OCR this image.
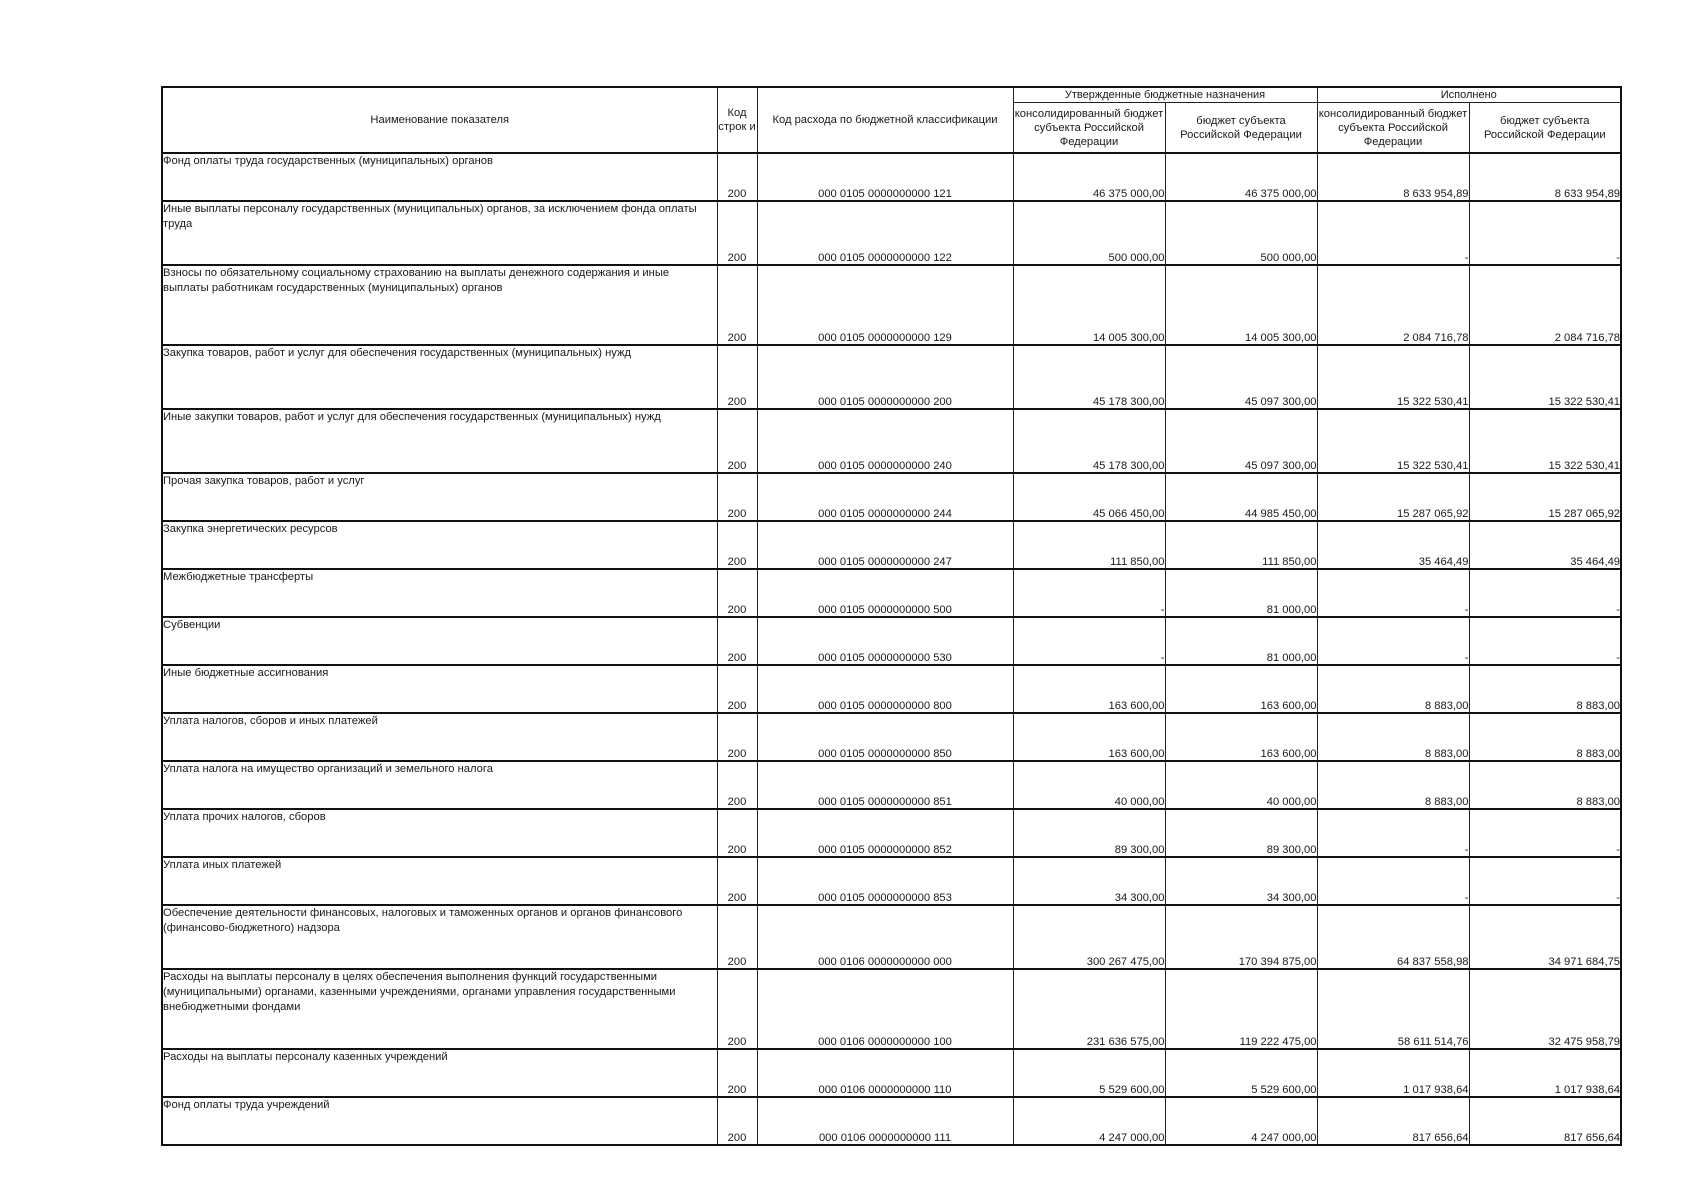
Наименование показателя	Код строк и	Код расхода по бюджетной классификации	Утвержденные бюджетные назначения		Исполнено	
			консолидированный бюджет субъекта Российской Федерации	бюджет субъекта Российской Федерации	консолидированный бюджет субъекта Российской Федерации	бюджет субъекта Российской Федерации
Фонд оплаты труда государственных (муниципальных) органов	200	000 0105 0000000000 121	46 375 000,00	46 375 000,00	8 633 954,89	8 633 954,89
Иные выплаты персоналу государственных (муниципальных) органов, за исключением фонда оплаты труда	200	000 0105 0000000000 122	500 000,00	500 000,00	-	-
Взносы по обязательному социальному страхованию на выплаты денежного содержания и иные выплаты работникам государственных (муниципальных) органов	200	000 0105 0000000000 129	14 005 300,00	14 005 300,00	2 084 716,78	2 084 716,78
Закупка товаров, работ и услуг для обеспечения государственных (муниципальных) нужд	200	000 0105 0000000000 200	45 178 300,00	45 097 300,00	15 322 530,41	15 322 530,41
Иные закупки товаров, работ и услуг для обеспечения государственных (муниципальных) нужд	200	000 0105 0000000000 240	45 178 300,00	45 097 300,00	15 322 530,41	15 322 530,41
Прочая закупка товаров, работ и услуг	200	000 0105 0000000000 244	45 066 450,00	44 985 450,00	15 287 065,92	15 287 065,92
Закупка энергетических ресурсов	200	000 0105 0000000000 247	111 850,00	111 850,00	35 464,49	35 464,49
Межбюджетные трансферты	200	000 0105 0000000000 500	-	81 000,00	-	-
Субвенции	200	000 0105 0000000000 530	-	81 000,00	-	-
Иные бюджетные ассигнования	200	000 0105 0000000000 800	163 600,00	163 600,00	8 883,00	8 883,00
Уплата налогов, сборов и иных платежей	200	000 0105 0000000000 850	163 600,00	163 600,00	8 883,00	8 883,00
Уплата налога на имущество организаций и земельного налога	200	000 0105 0000000000 851	40 000,00	40 000,00	8 883,00	8 883,00
Уплата прочих налогов, сборов	200	000 0105 0000000000 852	89 300,00	89 300,00	-	-
Уплата иных платежей	200	000 0105 0000000000 853	34 300,00	34 300,00	-	-
Обеспечение деятельности финансовых, налоговых и таможенных органов и органов финансового (финансово-бюджетного) надзора	200	000 0106 0000000000 000	300 267 475,00	170 394 875,00	64 837 558,98	34 971 684,75
Расходы на выплаты персоналу в целях обеспечения выполнения функций государственными (муниципальными) органами, казенными учреждениями, органами управления государственными внебюджетными фондами	200	000 0106 0000000000 100	231 636 575,00	119 222 475,00	58 611 514,76	32 475 958,79
Расходы на выплаты персоналу казенных учреждений	200	000 0106 0000000000 110	5 529 600,00	5 529 600,00	1 017 938,64	1 017 938,64
Фонд оплаты труда учреждений	200	000 0106 0000000000 111	4 247 000,00	4 247 000,00	817 656,64	817 656,64
